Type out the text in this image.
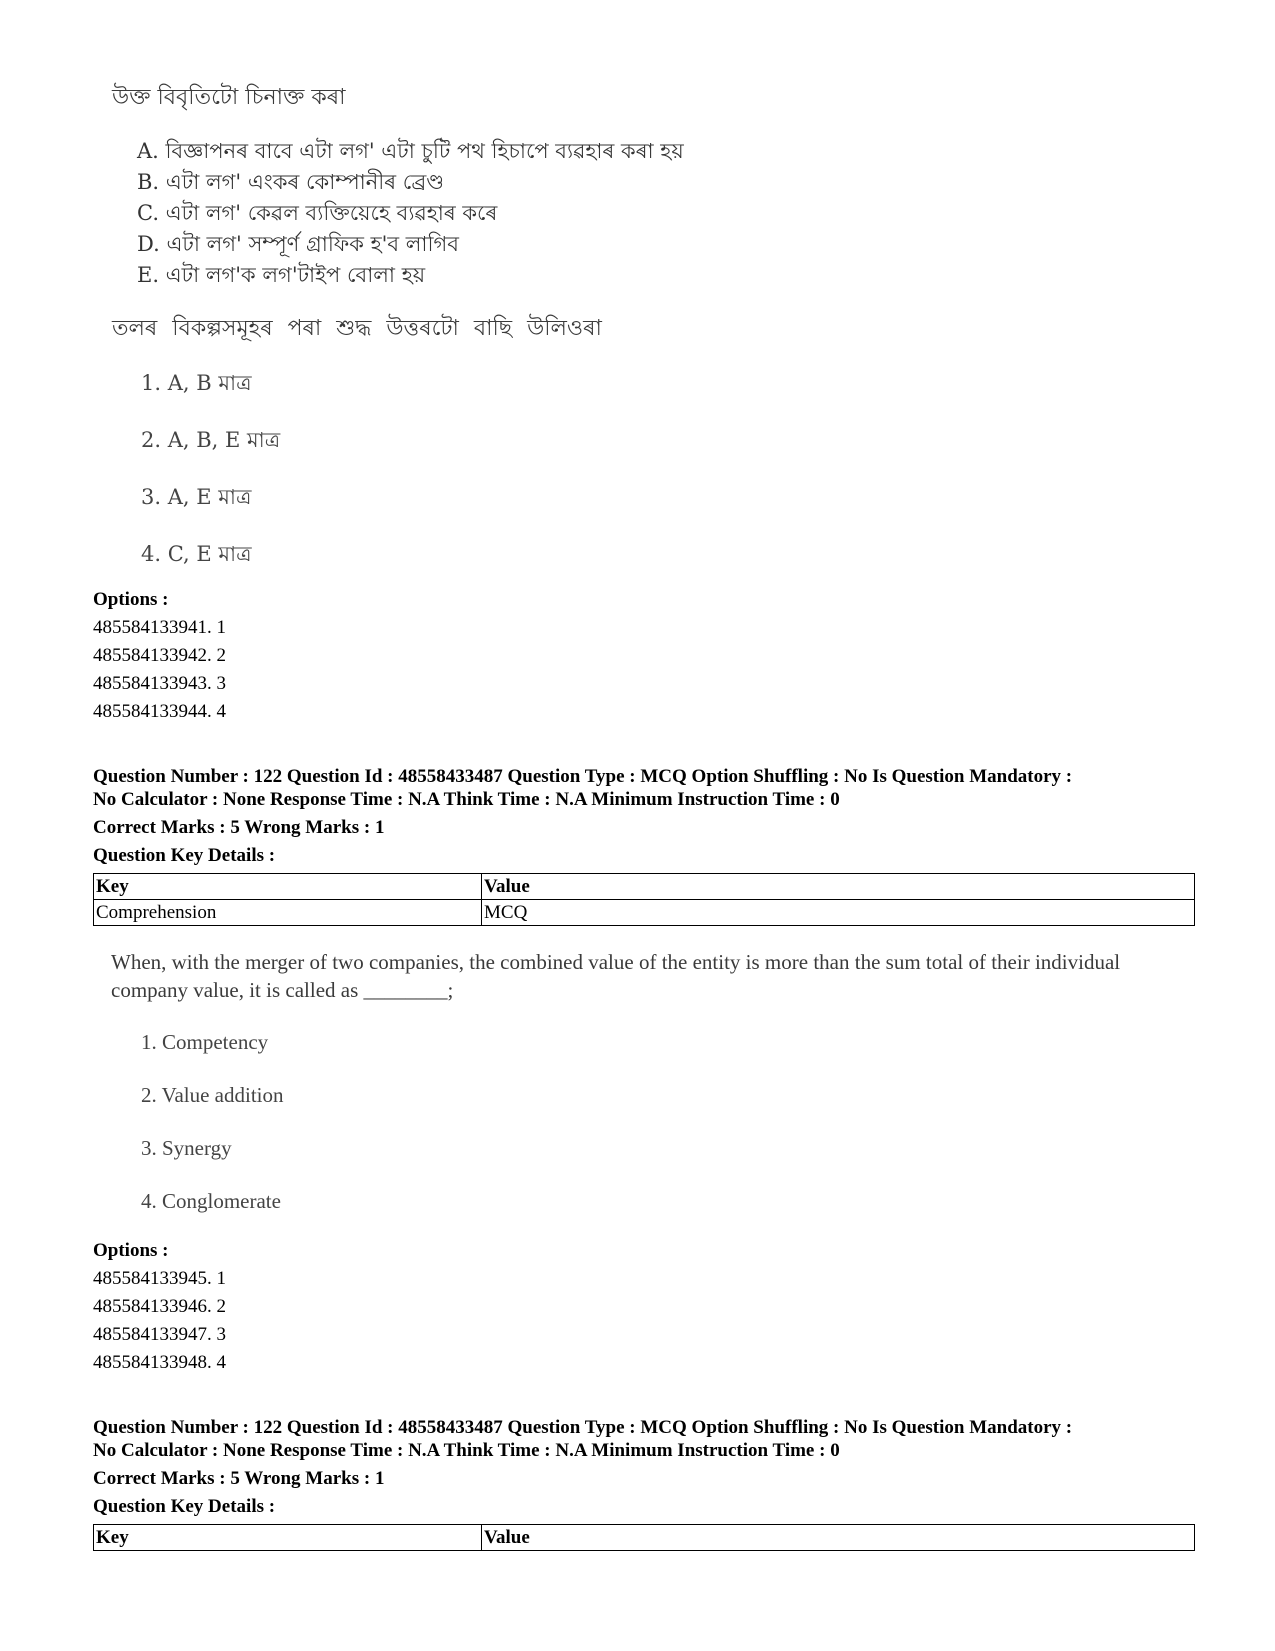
উক্ত বিবৃতিটো চিনাক্ত কৰা
A. বিজ্ঞাপনৰ বাবে এটা লগ' এটা চুটি পথ হিচাপে ব্যৱহাৰ কৰা হয়
B. এটা লগ' এংকৰ কোম্পানীৰ ব্ৰেণ্ড
C. এটা লগ' কেৱল ব্যক্তিয়েহে ব্যৱহাৰ কৰে
D. এটা লগ' সম্পূৰ্ণ গ্ৰাফিক হ'ব লাগিব
E. এটা লগ'ক লগ'টাইপ বোলা হয়
তলৰ বিকল্পসমূহৰ পৰা শুদ্ধ উত্তৰটো বাছি উলিওৰা
1. A, B মাত্ৰ
2. A, B, E মাত্ৰ
3. A, E মাত্ৰ
4. C, E মাত্ৰ
Options :
485584133941. 1
485584133942. 2
485584133943. 3
485584133944. 4
Question Number : 122 Question Id : 48558433487 Question Type : MCQ Option Shuffling : No Is Question Mandatory :
No Calculator : None Response Time : N.A Think Time : N.A Minimum Instruction Time : 0
Correct Marks : 5 Wrong Marks : 1
Question Key Details :
Key	Value
Comprehension	MCQ
When, with the merger of two companies, the combined value of the entity is more than the sum total of their individual company value, it is called as ________;
1. Competency
2. Value addition
3. Synergy
4. Conglomerate
Options :
485584133945. 1
485584133946. 2
485584133947. 3
485584133948. 4
Question Number : 122 Question Id : 48558433487 Question Type : MCQ Option Shuffling : No Is Question Mandatory :
No Calculator : None Response Time : N.A Think Time : N.A Minimum Instruction Time : 0
Correct Marks : 5 Wrong Marks : 1
Question Key Details :
Key	Value
